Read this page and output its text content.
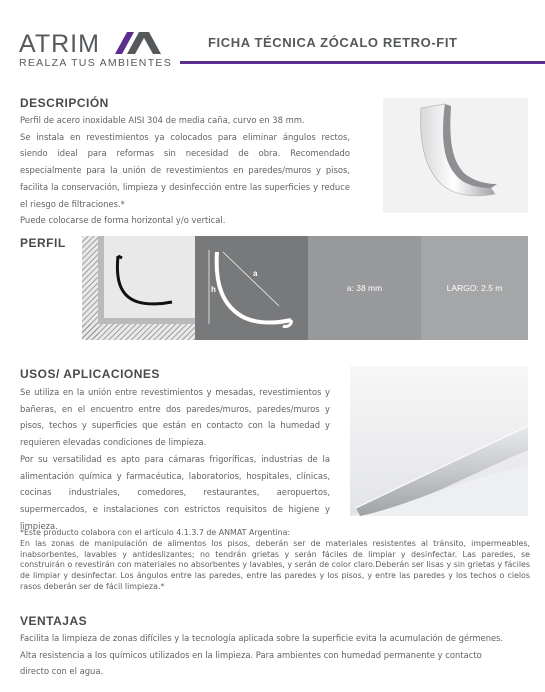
ATRIM
REALZA TUS AMBIENTES
FICHA TÉCNICA ZÓCALO RETRO-FIT
DESCRIPCIÓN

Perfil de acero inoxidable AISI 304 de media caña, curvo en 38 mm.

Se instala en revestimientos ya colocados para eliminar ángulos rectos, siendo ideal para reformas sin necesidad de obra. Recomendado especialmente para la unión de revestimientos en paredes/muros y pisos, facilita la conservación, limpieza y desinfección entre las superficies y reduce el riesgo de filtraciones.*

Puede colocarse de forma horizontal y/o vertical.

PERFIL
h
a
a: 38 mm	LARGO: 2.5 m
USOS/ APLICACIONES

Se utiliza en la unión entre revestimientos y mesadas, revestimientos y bañeras, en el encuentro entre dos paredes/muros, paredes/muros y pisos, techos y superficies que están en contacto con la humedad y requieren elevadas condiciones de limpieza.

Por su versatilidad es apto para cámaras frigoríficas, industrias de la alimentación química y farmacéutica, laboratorios, hospitales, clínicas, cocinas industriales, comedores, restaurantes, aeropuertos, supermercados, e instalaciones con estrictos requisitos de higiene y limpieza.

*Este producto colabora con el artículo 4.1.3.7 de ANMAT Argentina:
En las zonas de manipulación de alimentos los pisos, deberán ser de materiales resistentes al tránsito, impermeables, inabsorbentes, lavables y antideslizantes; no tendrán grietas y serán fáciles de limpiar y desinfectar. Las paredes, se construirán o revestirán con materiales no absorbentes y lavables, y serán de color claro.Deberán ser lisas y sin grietas y fáciles de limpiar y desinfectar. Los ángulos entre las paredes, entre las paredes y los pisos, y entre las paredes y los techos o cielos rasos deberán ser de fácil limpieza.*
VENTAJAS

Facilita la limpieza de zonas difíciles y la tecnología aplicada sobre la superficie evita la acumulación de gérmenes.

Alta resistencia a los químicos utilizados en la limpieza. Para ambientes con humedad permanente y contacto directo con el agua.
